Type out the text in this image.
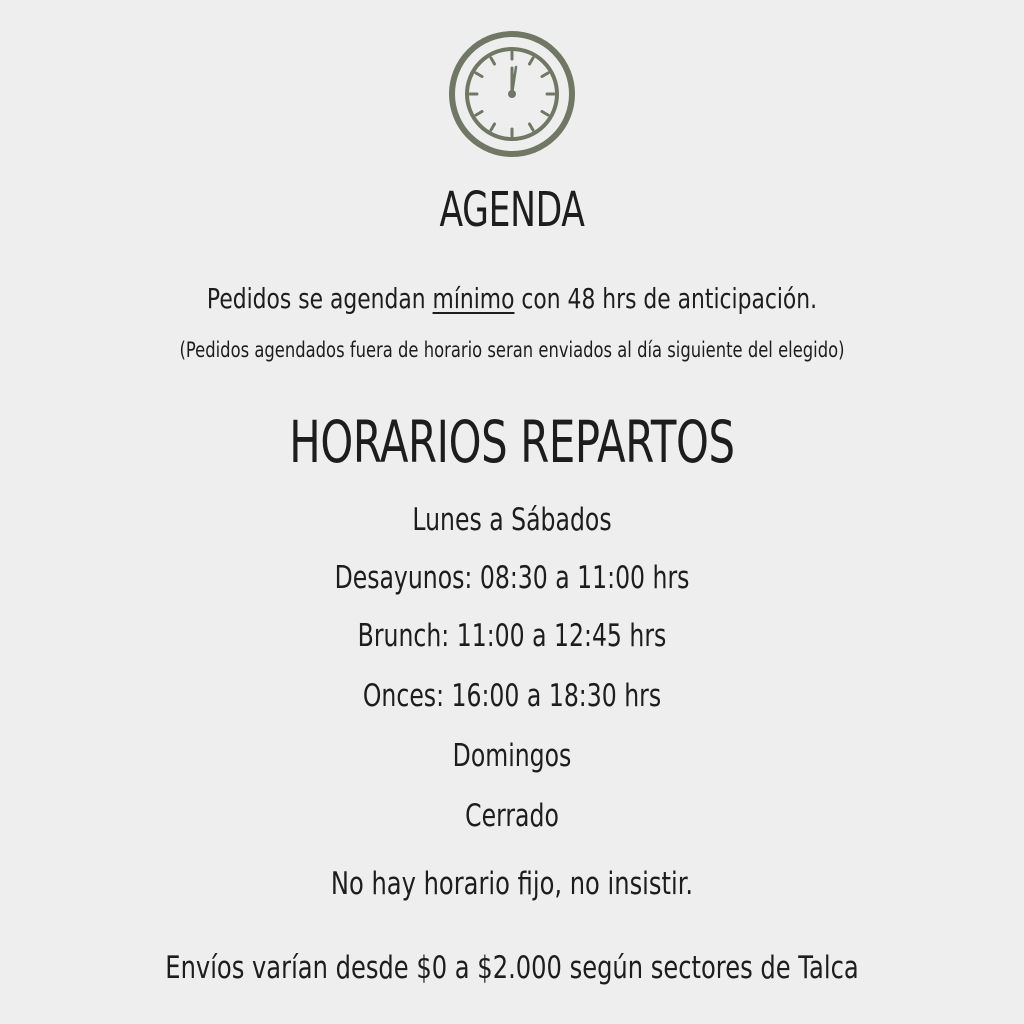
AGENDA
Pedidos se agendan mínimo con 48 hrs de anticipación.
(Pedidos agendados fuera de horario seran enviados al día siguiente del elegido)
HORARIOS REPARTOS
Lunes a Sábados
Desayunos: 08:30 a 11:00 hrs
Brunch: 11:00 a 12:45 hrs
Onces: 16:00 a 18:30 hrs
Domingos
Cerrado
No hay horario fijo, no insistir.
Envíos varían desde $0 a $2.000 según sectores de Talca
